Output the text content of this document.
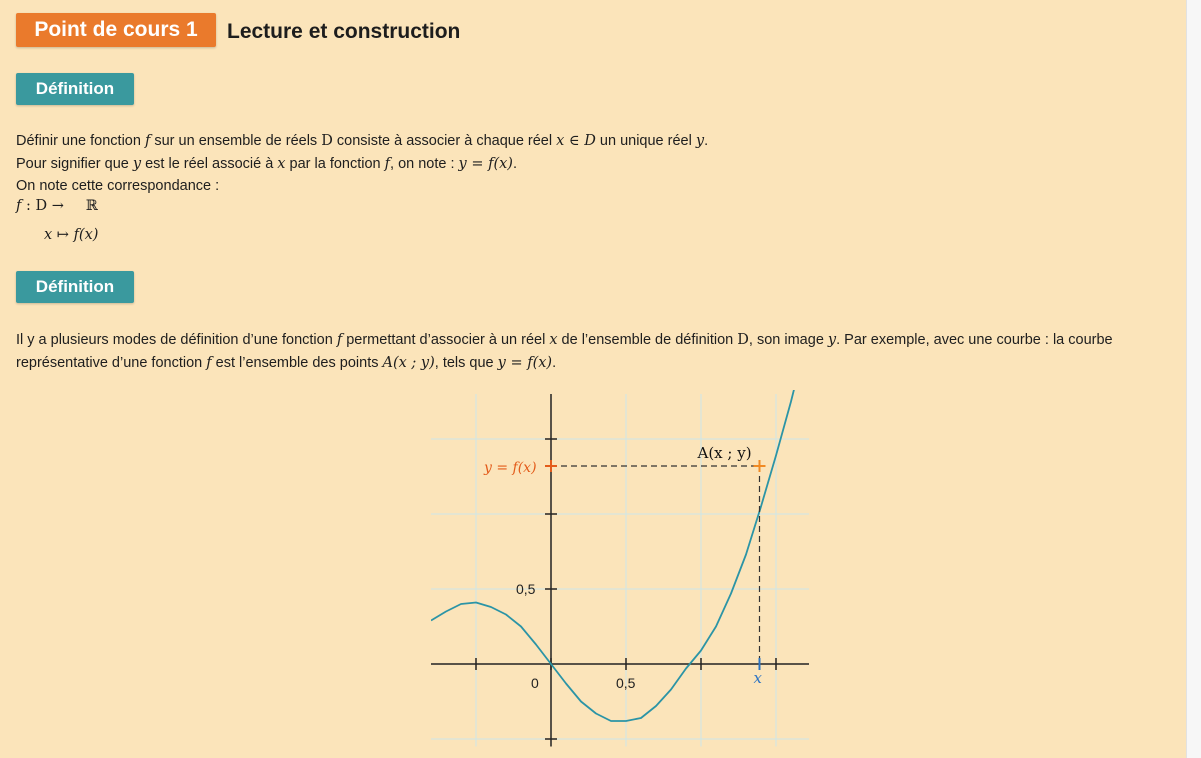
Point de cours 1	Lecture et construction
Définition
Définir une fonction f sur un ensemble de réels D consiste à associer à chaque réel x ∈ D un unique réel y.
Pour signifier que y est le réel associé à x par la fonction f, on note : y = f(x).
On note cette correspondance :
f : D → ℝ
x ↦ f(x)
Définition
Il y a plusieurs modes de définition d’une fonction f permettant d’associer à un réel x de l’ensemble de définition D, son image y. Par exemple, avec une courbe : la courbe
représentative d’une fonction f est l’ensemble des points A(x ; y), tels que y = f(x).
0	0,5
0,5
A(x ; y)
y = f(x)
x
